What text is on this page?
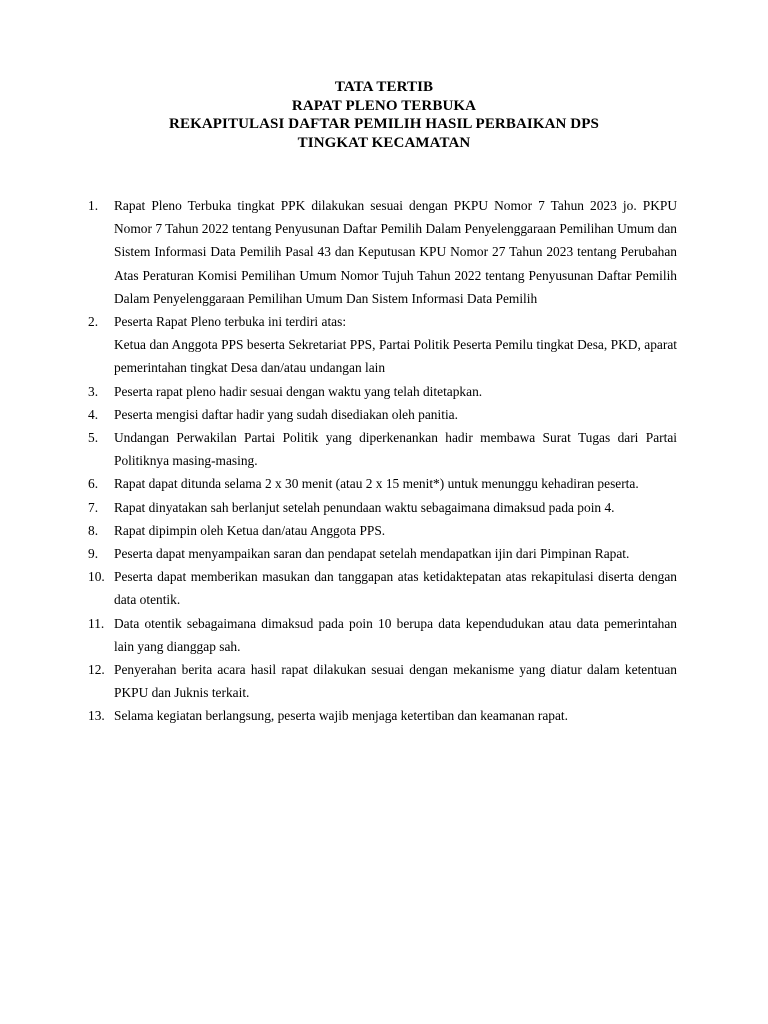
TATA TERTIB
RAPAT PLENO TERBUKA
REKAPITULASI DAFTAR PEMILIH HASIL PERBAIKAN DPS
TINGKAT KECAMATAN
1.	Rapat Pleno Terbuka tingkat PPK dilakukan sesuai dengan PKPU Nomor 7 Tahun 2023 jo. PKPU Nomor 7 Tahun 2022 tentang Penyusunan Daftar Pemilih Dalam Penyelenggaraan Pemilihan Umum dan Sistem Informasi Data Pemilih Pasal 43 dan Keputusan KPU Nomor 27 Tahun 2023 tentang Perubahan Atas Peraturan Komisi Pemilihan Umum Nomor Tujuh Tahun 2022 tentang Penyusunan Daftar Pemilih Dalam Penyelenggaraan Pemilihan Umum Dan Sistem Informasi Data Pemilih
2.	Peserta Rapat Pleno terbuka ini terdiri atas:
Ketua dan Anggota PPS beserta Sekretariat PPS, Partai Politik Peserta Pemilu tingkat Desa, PKD, aparat pemerintahan tingkat Desa dan/atau undangan lain
3.	Peserta rapat pleno hadir sesuai dengan waktu yang telah ditetapkan.
4.	Peserta mengisi daftar hadir yang sudah disediakan oleh panitia.
5.	Undangan Perwakilan Partai Politik yang diperkenankan hadir membawa Surat Tugas dari Partai Politiknya masing-masing.
6.	Rapat dapat ditunda selama 2 x 30 menit (atau 2 x 15 menit*) untuk menunggu kehadiran peserta.
7.	Rapat dinyatakan sah berlanjut setelah penundaan waktu sebagaimana dimaksud pada poin 4.
8.	Rapat dipimpin oleh Ketua dan/atau Anggota PPS.
9.	Peserta dapat menyampaikan saran dan pendapat setelah mendapatkan ijin dari Pimpinan Rapat.
10. Peserta dapat memberikan masukan dan tanggapan atas ketidaktepatan atas rekapitulasi diserta dengan data otentik.
11. Data otentik sebagaimana dimaksud pada poin 10 berupa data kependudukan atau data pemerintahan lain yang dianggap sah.
12. Penyerahan berita acara hasil rapat dilakukan sesuai dengan mekanisme yang diatur dalam ketentuan PKPU dan Juknis terkait.
13. Selama kegiatan berlangsung, peserta wajib menjaga ketertiban dan keamanan rapat.
